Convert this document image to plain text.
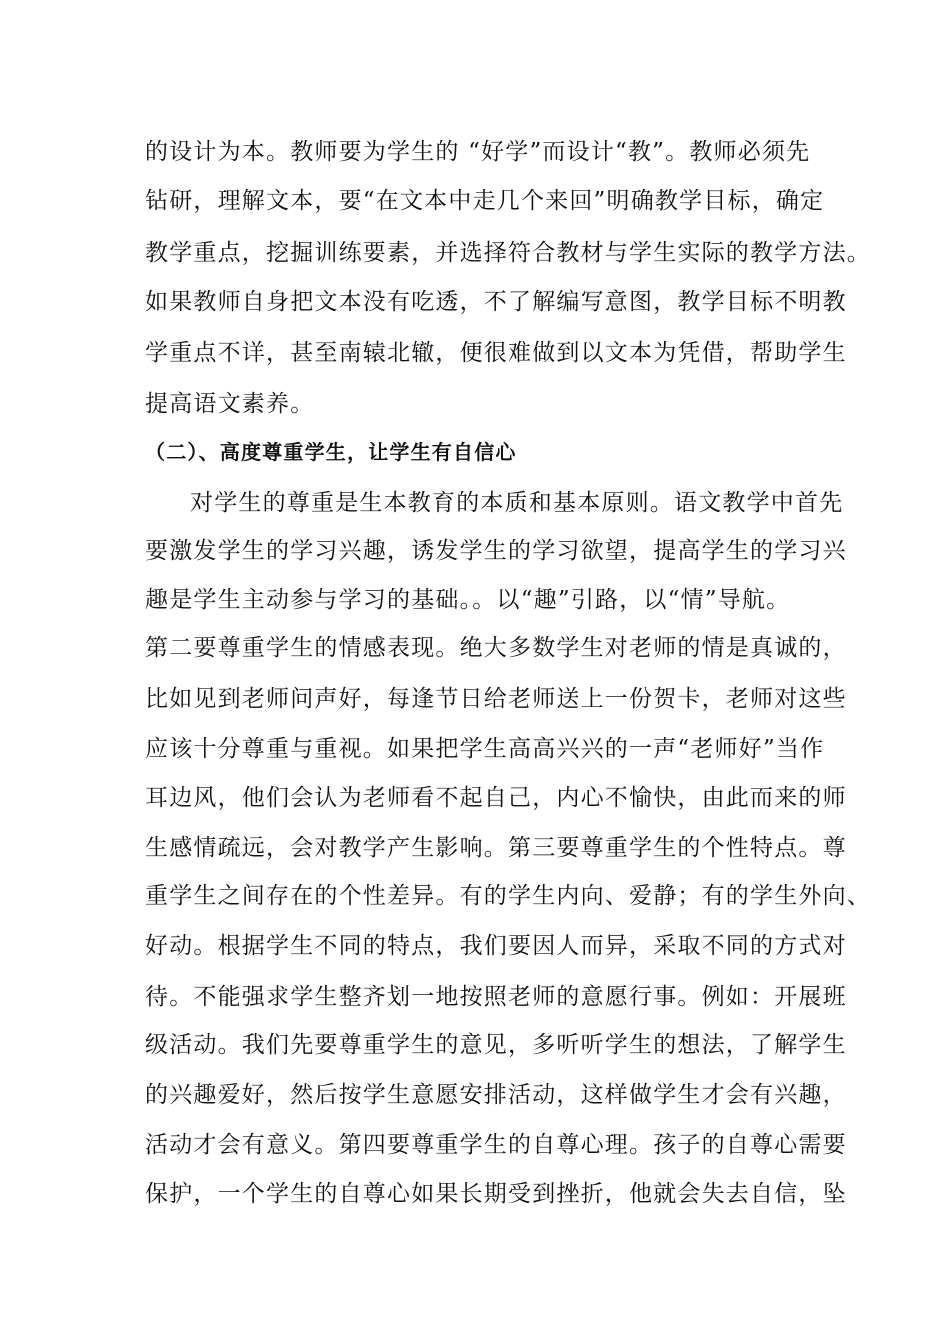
的设计为本。教师要为学生的 “好学”而设计“教”。教师必须先
钻研，理解文本，要“在文本中走几个来回”明确教学目标，确定
教学重点，挖掘训练要素，并选择符合教材与学生实际的教学方法。
如果教师自身把文本没有吃透，不了解编写意图，教学目标不明教
学重点不详，甚至南辕北辙，便很难做到以文本为凭借，帮助学生
提高语文素养。
（二）、高度尊重学生，让学生有自信心
对学生的尊重是生本教育的本质和基本原则。语文教学中首先
要激发学生的学习兴趣，诱发学生的学习欲望，提高学生的学习兴
趣是学生主动参与学习的基础。。以“趣”引路，以“情”导航。
第二要尊重学生的情感表现。绝大多数学生对老师的情是真诚的，
比如见到老师问声好，每逢节日给老师送上一份贺卡，老师对这些
应该十分尊重与重视。如果把学生高高兴兴的一声“老师好”当作
耳边风，他们会认为老师看不起自己，内心不愉快，由此而来的师
生感情疏远，会对教学产生影响。第三要尊重学生的个性特点。尊
重学生之间存在的个性差异。有的学生内向、爱静；有的学生外向、
好动。根据学生不同的特点，我们要因人而异，采取不同的方式对
待。不能强求学生整齐划一地按照老师的意愿行事。例如：开展班
级活动。我们先要尊重学生的意见，多听听学生的想法，了解学生
的兴趣爱好，然后按学生意愿安排活动，这样做学生才会有兴趣，
活动才会有意义。第四要尊重学生的自尊心理。孩子的自尊心需要
保护，一个学生的自尊心如果长期受到挫折，他就会失去自信，坠
